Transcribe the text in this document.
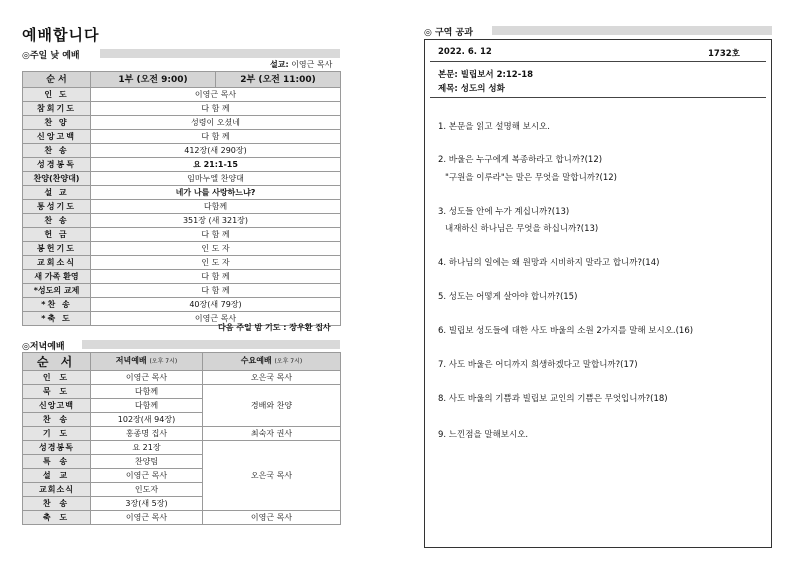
예배합니다
◎주일 낮 예배
설교: 이영근 목사
순 서	1부 (오전 9:00)	2부 (오전 11:00)
인 도	이영근 목사	
참회기도	다 함 께	
찬 양	성령이 오셨네	
신앙고백	다 함 께	
찬 송	412장(새 290장)	
성경봉독	요 21:1-15	
찬양(찬양대)	임마누엘 찬양대	
설 교	네가 나를 사랑하느냐?	
통성기도	다함께	
찬 송	351장 (새 321장)	
헌 금	다 함 께	
봉헌기도	인 도 자	
교회소식	인 도 자	
새 가족 환영	다 함 께	
*성도의 교제	다 함 께	
*찬 송	40장(새 79장)	
*축 도	이영근 목사	
다음 주일 밤 기도 : 장우환 집사
◎저녁예배
순 서	저녁예배 (오후 7시)	수요예배 (오후 7시)
인 도	이영근 목사	오은국 목사
묵 도	다함께	경배와 찬양
신앙고백	다함께	
찬 송	102장(새 94장)	
기 도	홍종명 집사	최숙자 권사
성경봉독	요 21장	오은국 목사
특 송	찬양팀	
설 교	이영근 목사	
교회소식	인도자	
찬 송	3장(새 5장)	
축 도	이영근 목사	이영근 목사
◎ 구역 공과
2022. 6. 12	1732호
본문: 빌립보서 2:12-18
제목: 성도의 성화
1. 본문을 읽고 설명해 보시오.
2. 바울은 누구에게 복종하라고 합니까?(12)
"구원을 이루라"는 말은 무엇을 말합니까?(12)
3. 성도들 안에 누가 계십니까?(13)
내재하신 하나님은 무엇을 하십니까?(13)
4. 하나님의 일에는 왜 원망과 시비하지 말라고 합니까?(14)
5. 성도는 어떻게 살아야 합니까?(15)
6. 빌립보 성도들에 대한 사도 바울의 소원 2가지를 말해 보시오.(16)
7. 사도 바울은 어디까지 희생하겠다고 말합니까?(17)
8. 사도 바울의 기쁨과 빌립보 교인의 기쁨은 무엇입니까?(18)
9. 느낀점을 말해보시오.
